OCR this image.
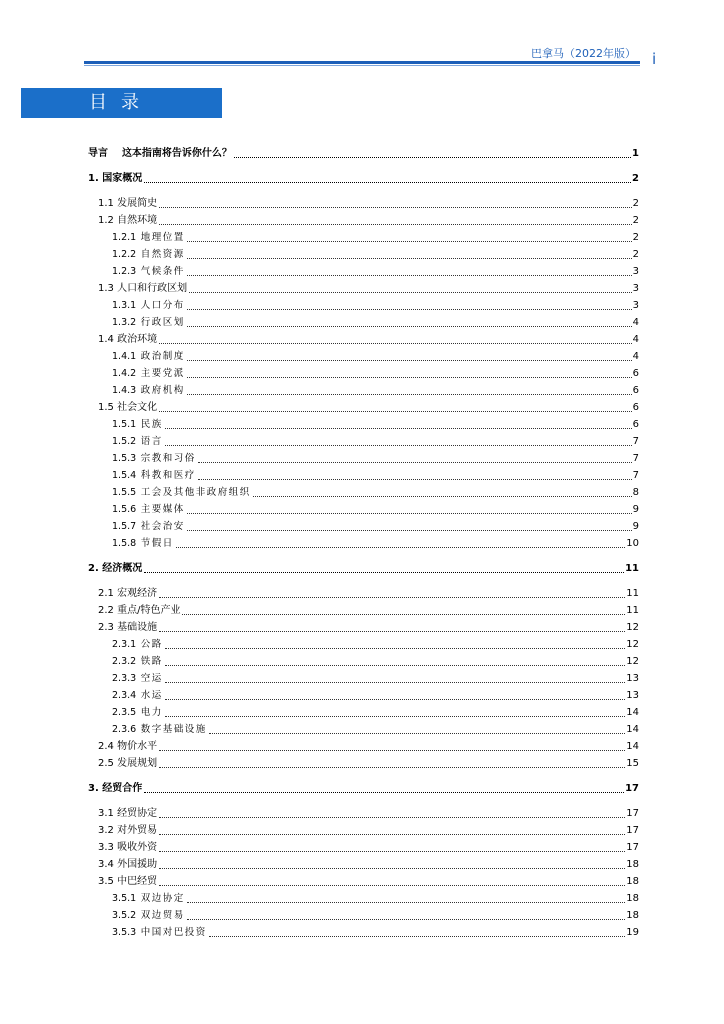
巴拿马（2022年版） i
目录
导言 这本指南将告诉你什么？	1
1. 国家概况	2
1.1 发展简史	2
1.2 自然环境	2
1.2.1 地理位置	2
1.2.2 自然资源	2
1.2.3 气候条件	3
1.3 人口和行政区划	3
1.3.1 人口分布	3
1.3.2 行政区划	4
1.4 政治环境	4
1.4.1 政治制度	4
1.4.2 主要党派	6
1.4.3 政府机构	6
1.5 社会文化	6
1.5.1 民族	6
1.5.2 语言	7
1.5.3 宗教和习俗	7
1.5.4 科教和医疗	7
1.5.5 工会及其他非政府组织	8
1.5.6 主要媒体	9
1.5.7 社会治安	9
1.5.8 节假日	10
2. 经济概况	11
2.1 宏观经济	11
2.2 重点/特色产业	11
2.3 基础设施	12
2.3.1 公路	12
2.3.2 铁路	12
2.3.3 空运	13
2.3.4 水运	13
2.3.5 电力	14
2.3.6 数字基础设施	14
2.4 物价水平	14
2.5 发展规划	15
3. 经贸合作	17
3.1 经贸协定	17
3.2 对外贸易	17
3.3 吸收外资	17
3.4 外国援助	18
3.5 中巴经贸	18
3.5.1 双边协定	18
3.5.2 双边贸易	18
3.5.3 中国对巴投资	19
